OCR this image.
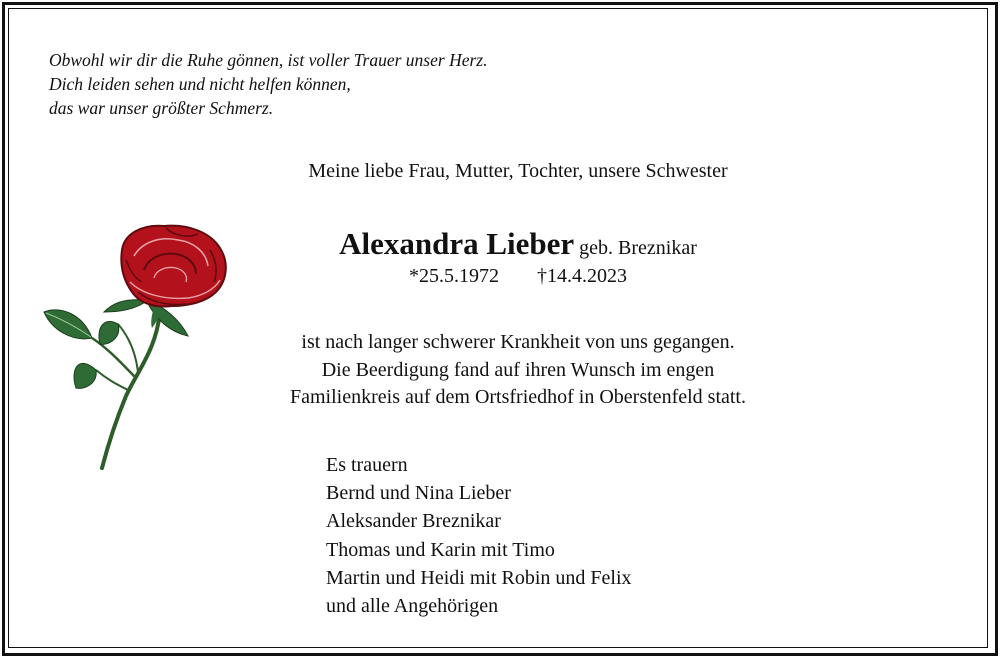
Obwohl wir dir die Ruhe gönnen, ist voller Trauer unser Herz.
Dich leiden sehen und nicht helfen können,
das war unser größter Schmerz.
Meine liebe Frau, Mutter, Tochter, unsere Schwester
Alexandra Lieber geb. Breznikar
*25.5.1972 †14.4.2023
ist nach langer schwerer Krankheit von uns gegangen.
Die Beerdigung fand auf ihren Wunsch im engen
Familienkreis auf dem Ortsfriedhof in Oberstenfeld statt.
Es trauern
Bernd und Nina Lieber
Aleksander Breznikar
Thomas und Karin mit Timo
Martin und Heidi mit Robin und Felix
und alle Angehörigen
